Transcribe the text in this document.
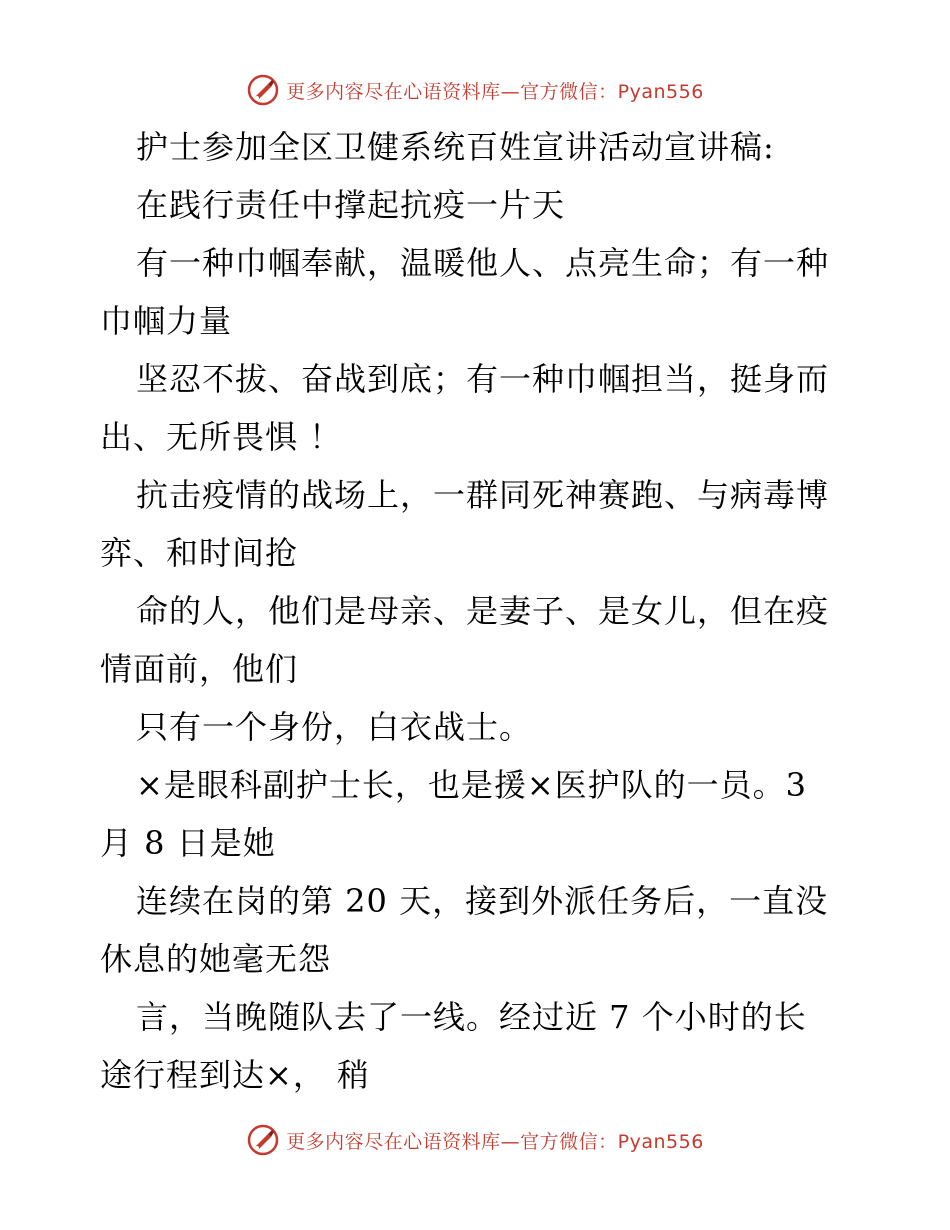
更多内容尽在心语资料库—官方微信：Pyan556
护士参加全区卫健系统百姓宣讲活动宣讲稿:
在践行责任中撑起抗疫一片天
有一种巾帼奉献，温暖他人、点亮生命；有一种
巾帼力量
坚忍不拔、奋战到底；有一种巾帼担当，挺身而
出、无所畏惧 ！
抗击疫情的战场上，一群同死神赛跑、与病毒博
弈、和时间抢
命的人，他们是母亲、是妻子、是女儿，但在疫
情面前，他们
只有一个身份，白衣战士。
×是眼科副护士长，也是援×医护队的一员。3
月 8 日是她
连续在岗的第 20 天，接到外派任务后，一直没
休息的她毫无怨
言，当晚随队去了一线。经过近 7 个小时的长
途行程到达×， 稍
更多内容尽在心语资料库—官方微信：Pyan556
